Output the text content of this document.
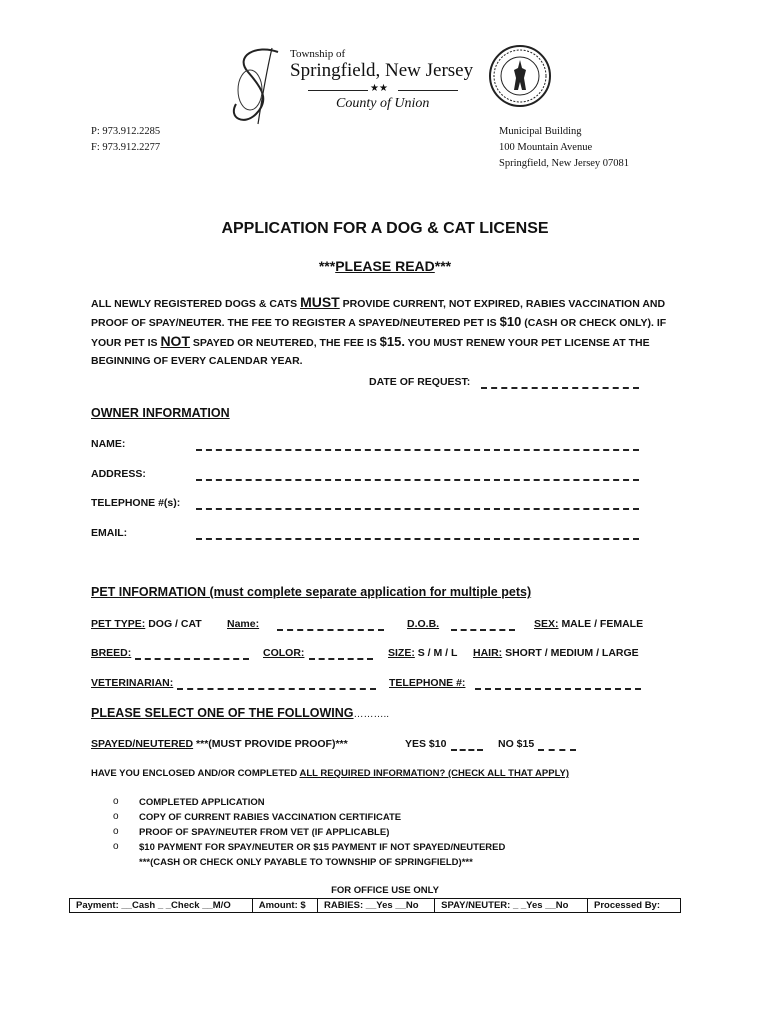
Township of
Springfield, New Jersey
★★
County of Union
P: 973.912.2285
F: 973.912.2277
Municipal Building
100 Mountain Avenue
Springfield, New Jersey 07081
APPLICATION FOR A DOG & CAT LICENSE
***PLEASE READ***
ALL NEWLY REGISTERED DOGS & CATS MUST PROVIDE CURRENT, NOT EXPIRED, RABIES VACCINATION AND PROOF OF SPAY/NEUTER. THE FEE TO REGISTER A SPAYED/NEUTERED PET IS $10 (CASH OR CHECK ONLY). IF YOUR PET IS NOT SPAYED OR NEUTERED, THE FEE IS $15. YOU MUST RENEW YOUR PET LICENSE AT THE BEGINNING OF EVERY CALENDAR YEAR.
DATE OF REQUEST:
OWNER INFORMATION
NAME:
ADDRESS:
TELEPHONE #(s):
EMAIL:
PET INFORMATION (must complete separate application for multiple pets)
PET TYPE: DOG / CAT Name:	D.O.B.	SEX: MALE / FEMALE
BREED:	COLOR:	SIZE: S / M / L HAIR: SHORT / MEDIUM / LARGE
VETERINARIAN:	TELEPHONE #:
PLEASE SELECT ONE OF THE FOLLOWING………..
SPAYED/NEUTERED ***(MUST PROVIDE PROOF)***	YES $10	NO $15
HAVE YOU ENCLOSED AND/OR COMPLETED ALL REQUIRED INFORMATION? (CHECK ALL THAT APPLY)
o COMPLETED APPLICATION
o COPY OF CURRENT RABIES VACCINATION CERTIFICATE
o PROOF OF SPAY/NEUTER FROM VET (IF APPLICABLE)
o $10 PAYMENT FOR SPAY/NEUTER OR $15 PAYMENT IF NOT SPAYED/NEUTERED
***(CASH OR CHECK ONLY PAYABLE TO TOWNSHIP OF SPRINGFIELD)***
FOR OFFICE USE ONLY
Payment: __Cash _ _Check __M/O	Amount: $	RABIES: __Yes __No	SPAY/NEUTER: _ _Yes __No	Processed By:
